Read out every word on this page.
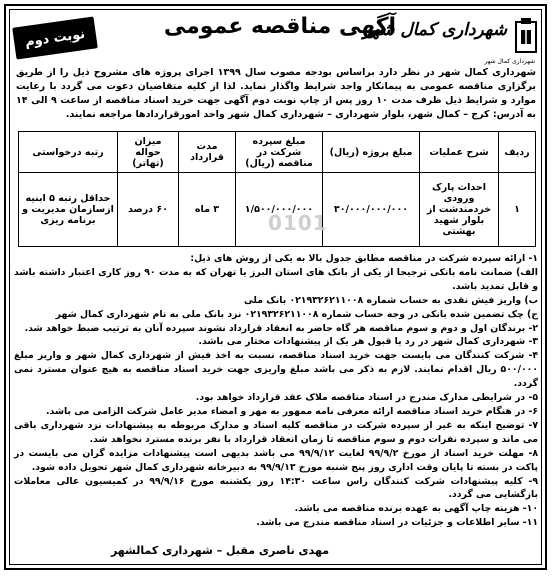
نوبت دوم	آگهی مناقصه عمومی
شهرداری کمال شهر
شهرداری کمال شهر
شهرداری کمال شهر در نظر دارد براساس بودجه مصوب سال ۱۳۹۹ اجرای پروژه های مشروح ذیل را از طریق برگزاری مناقصه عمومی به پیمانکار واجد شرایط واگذار نماید. لذا از کلیه متقاضیان دعوت می گردد با رعایت موارد و شرایط ذیل ظرف مدت ۱۰ روز پس از چاپ نوبت دوم آگهی جهت خرید اسناد مناقصه از ساعت ۹ الی ۱۴ به آدرس: کرج – کمال شهر، بلوار شهرداری – شهرداری کمال شهر واحد امورقراردادها مراجعه نمایند.
ردیف	شرح عملیات	مبلغ پروژه (ریال)	مبلغ سپرده شرکت در مناقصه (ریال)	مدت قرارداد	میزان حواله (تهاتر)	رتبه درخواستی
۱	احداث پارک ورودی خردمندشت از بلوار شهید بهشتی	۳۰/۰۰۰/۰۰۰/۰۰۰	۱/۵۰۰/۰۰۰/۰۰۰	۳ ماه	۶۰ درصد	حداقل رتبه ۵ ابنیه ازسازمان مدیریت و برنامه ریزی	0101

۱- ارائه سپرده شرکت در مناقصه مطابق جدول بالا به یکی از روش های ذیل:

الف) ضمانت نامه بانکی ترجیحا از یکی از بانک های استان البرز یا تهران که به مدت ۹۰ روز کاری اعتبار داشته باشد و قابل تمدید باشد.

ب) واریز فیش نقدی به حساب شماره ۰۲۱۹۳۲۶۲۱۱۰۰۸ بانک ملی

ج) چک تضمین شده بانکی در وجه حساب شماره ۰۲۱۹۳۲۶۲۱۱۰۰۸ نزد بانک ملی به نام شهرداری کمال شهر

۲- برندگان اول و دوم و سوم مناقصه هر گاه حاضر به انعقاد قرارداد نشوند سپرده آنان به ترتیب ضبط خواهد شد.

۳- شهرداری کمال شهر در رد یا قبول هر یک از پیشنهادات مختار می باشد.

۴- شرکت کنندگان می بایست جهت خرید اسناد مناقصه، نسبت به اخذ فیش از شهرداری کمال شهر و واریز مبلغ ۵۰۰/۰۰۰ ریال اقدام نمایند. لازم به ذکر می باشد مبلغ واریزی جهت خرید اسناد مناقصه به هیچ عنوان مسترد نمی گردد.

۵- در شرایطی مدارک مندرج در اسناد مناقصه ملاک عقد قرارداد خواهد بود.

۶- در هنگام خرید اسناد مناقصه ارائه معرفی نامه ممهور به مهر و امضاء مدیر عامل شرکت الزامی می باشد.

۷- توضیح اینکه به غیر از سپرده شرکت در مناقصه کلیه اسناد و مدارک مربوطه به پیشنهادات نزد شهرداری باقی می ماند و سپرده نفرات دوم و سوم مناقصه تا زمان انعقاد قرارداد با نفر برنده مسترد نخواهد شد.

۸- مهلت خرید اسناد از مورخ ۹۹/۹/۲ لغایت ۹۹/۹/۱۲ می باشد بدیهی است پیشنهادات مزایده گران می بایست در پاکت در بسته تا پایان وقت اداری روز پنج شنبه مورخ ۹۹/۹/۱۳ به دبیرخانه شهرداری کمال شهر تحویل داده شود.

۹- کلیه پیشنهادات شرکت کنندگان راس ساعت ۱۴:۳۰ روز یکشنبه مورخ ۹۹/۹/۱۶ در کمیسیون عالی معاملات بازگشایی می گردد.

۱۰- هزینه چاپ آگهی به عهده برنده مناقصه می باشد.

۱۱- سایر اطلاعات و جزئیات در اسناد مناقصه مندرج می باشد.

مهدی ناصری مقبل – شهرداری کمالشهر
